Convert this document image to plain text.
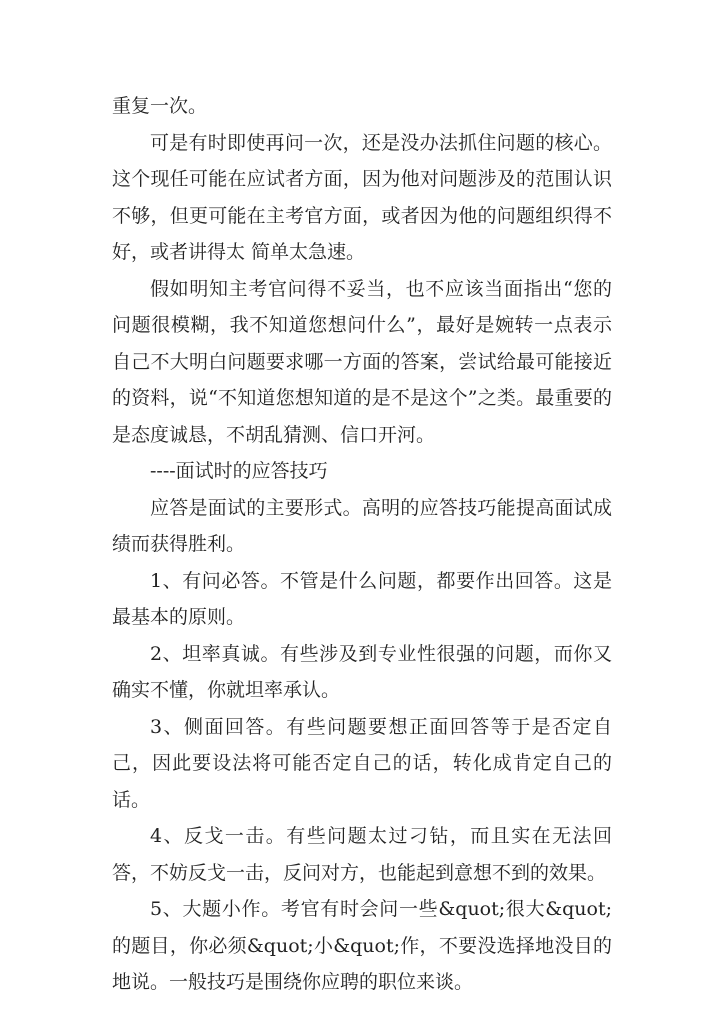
重复一次。

可是有时即使再问一次，还是没办法抓住问题的核心。这个现任可能在应试者方面，因为他对问题涉及的范围认识不够，但更可能在主考官方面，或者因为他的问题组织得不好，或者讲得太 简单太急速。

假如明知主考官问得不妥当，也不应该当面指出“您的问题很模糊，我不知道您想问什么”，最好是婉转一点表示自己不大明白问题要求哪一方面的答案，尝试给最可能接近的资料，说“不知道您想知道的是不是这个”之类。最重要的是态度诚恳，不胡乱猜测、信口开河。

----面试时的应答技巧

应答是面试的主要形式。高明的应答技巧能提高面试成绩而获得胜利。

1、有问必答。不管是什么问题，都要作出回答。这是最基本的原则。

2、坦率真诚。有些涉及到专业性很强的问题，而你又确实不懂，你就坦率承认。

3、侧面回答。有些问题要想正面回答等于是否定自己，因此要设法将可能否定自己的话，转化成肯定自己的话。

4、反戈一击。有些问题太过刁钻，而且实在无法回答，不妨反戈一击，反问对方，也能起到意想不到的效果。

5、大题小作。考官有时会问一些&quot;很大&quot;的题目，你必须&quot;小&quot;作，不要没选择地没目的地说。一般技巧是围绕你应聘的职位来谈。
